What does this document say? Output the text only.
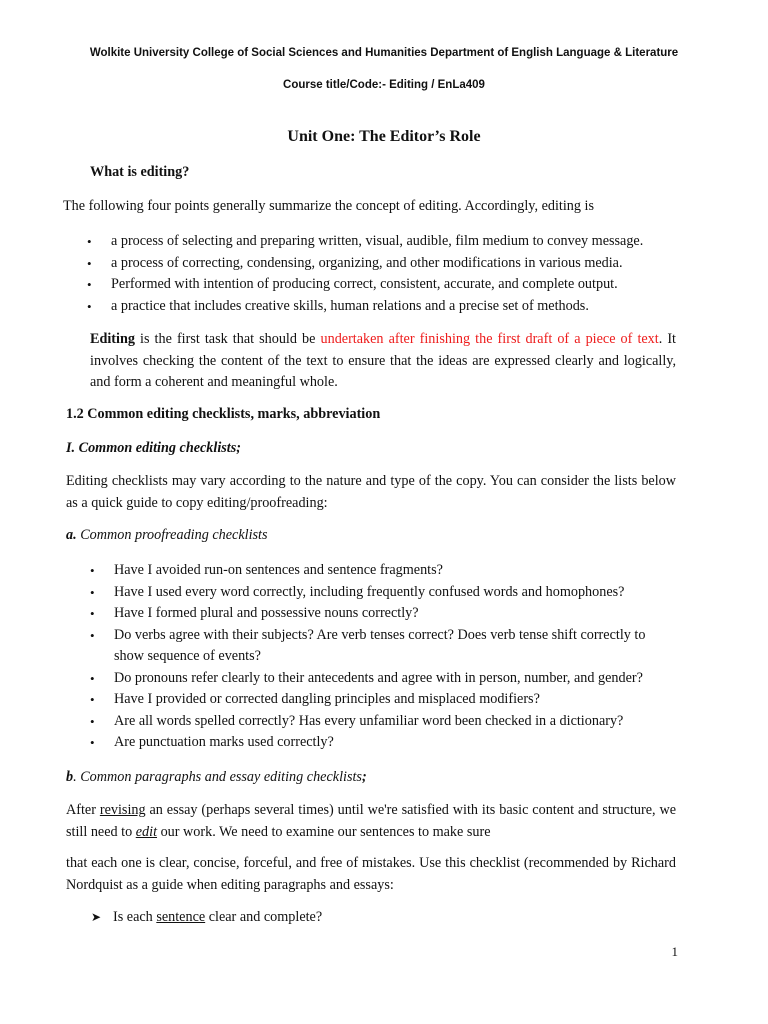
Wolkite University College of Social Sciences and Humanities Department of English Language & Literature
Course title/Code:- Editing / EnLa409
Unit One: The Editor’s Role
What is editing?
The following four points generally summarize the concept of editing. Accordingly, editing is
• a process of selecting and preparing written, visual, audible, film medium to convey message.
• a process of correcting, condensing, organizing, and other modifications in various media.
• Performed with intention of producing correct, consistent, accurate, and complete output.
• a practice that includes creative skills, human relations and a precise set of methods.

Editing is the first task that should be undertaken after finishing the first draft of a piece of text. It involves checking the content of the text to ensure that the ideas are expressed clearly and logically, and form a coherent and meaningful whole.

1.2 Common editing checklists, marks, abbreviation
I. Common editing checklists;

Editing checklists may vary according to the nature and type of the copy. You can consider the lists below as a quick guide to copy editing/proofreading:

a. Common proofreading checklists
• Have I avoided run-on sentences and sentence fragments?
• Have I used every word correctly, including frequently confused words and homophones?
• Have I formed plural and possessive nouns correctly?
• Do verbs agree with their subjects? Are verb tenses correct? Does verb tense shift correctly to show sequence of events?
• Do pronouns refer clearly to their antecedents and agree with in person, number, and gender?
• Have I provided or corrected dangling principles and misplaced modifiers?
• Are all words spelled correctly? Has every unfamiliar word been checked in a dictionary?
• Are punctuation marks used correctly?
b. Common paragraphs and essay editing checklists;

After revising an essay (perhaps several times) until we're satisfied with its basic content and structure, we still need to edit our work. We need to examine our sentences to make sure

that each one is clear, concise, forceful, and free of mistakes. Use this checklist (recommended by Richard Nordquist as a guide when editing paragraphs and essays:

➤ Is each sentence clear and complete?
1
